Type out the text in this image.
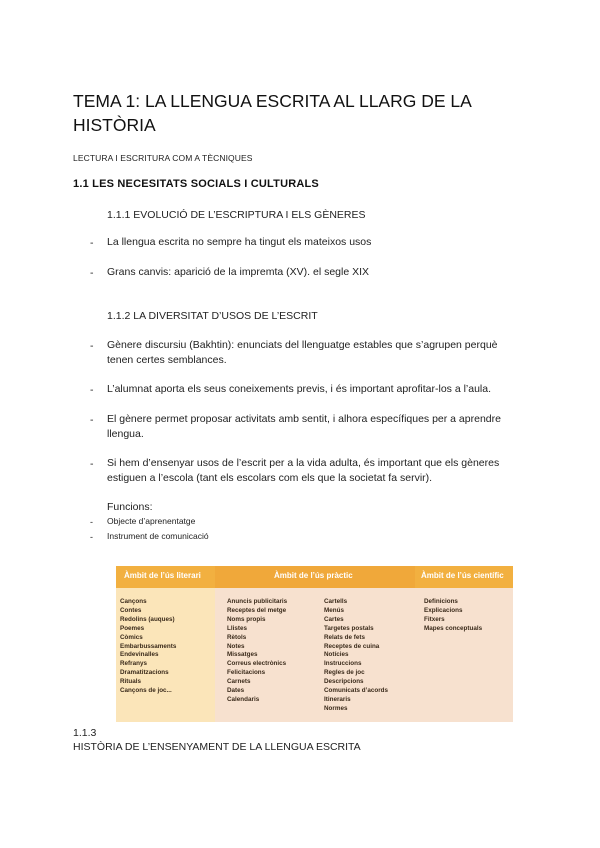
TEMA 1: LA LLENGUA ESCRITA AL LLARG DE LA
HISTÒRIA
LECTURA I ESCRITURA COM A TÈCNIQUES
1.1 LES NECESITATS SOCIALS I CULTURALS
1.1.1 EVOLUCIÓ DE L’ESCRIPTURA I ELS GÈNERES
- La llengua escrita no sempre ha tingut els mateixos usos
- Grans canvis: aparició de la impremta (XV). el segle XIX
1.1.2 LA DIVERSITAT D’USOS DE L’ESCRIT
- Gènere discursiu (Bakhtin): enunciats del llenguatge estables que s’agrupen perquè
tenen certes semblances.
- L’alumnat aporta els seus coneixements previs, i és important aprofitar-los a l’aula.
- El gènere permet proposar activitats amb sentit, i alhora específiques per a aprendre
llengua.
- Si hem d’ensenyar usos de l’escrit per a la vida adulta, és important que els gèneres
estiguen a l’escola (tant els escolars com els que la societat fa servir).
Funcions:
- Objecte d’aprenentatge
- Instrument de comunicació
Àmbit de l’ús literari	Àmbit de l’ús pràctic	Àmbit de l’ús científic
Cançons
Contes
Redolins (auques)
Poemes
Còmics
Embarbussaments
Endevinalles
Refranys
Dramatitzacions
Rituals
Cançons de joc...
Anuncis publicitaris
Receptes del metge
Noms propis
Llistes
Rètols
Notes
Missatges
Correus electrònics
Felicitacions
Carnets
Dates
Calendaris
Cartells
Menús
Cartes
Targetes postals
Relats de fets
Receptes de cuina
Notícies
Instruccions
Regles de joc
Descripcions
Comunicats d’acords
Itineraris
Normes
Definicions
Explicacions
Fitxers
Mapes conceptuals
1.1.3
HISTÒRIA DE L’ENSENYAMENT DE LA LLENGUA ESCRITA
